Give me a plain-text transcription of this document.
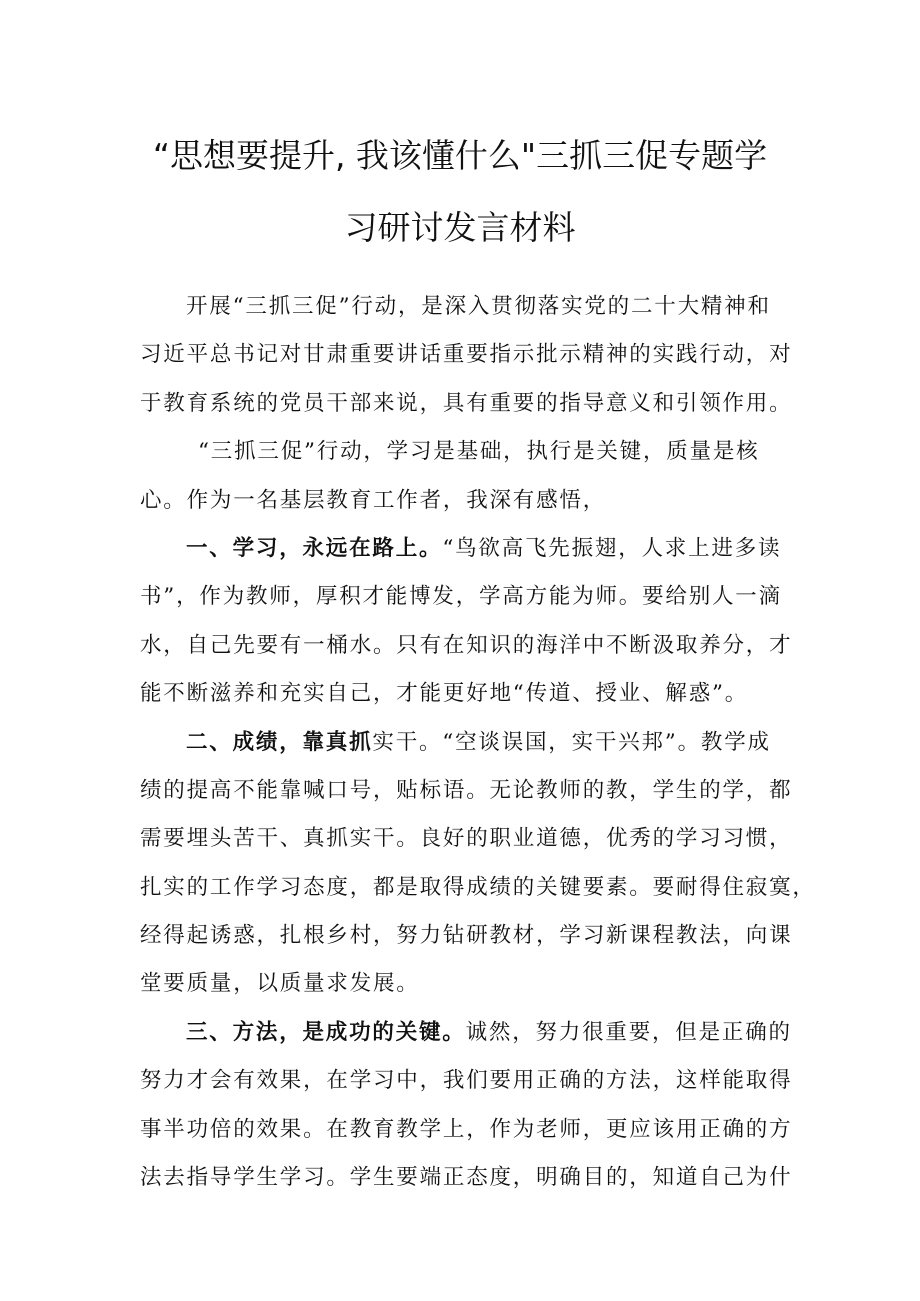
“思想要提升, 我该懂什么"三抓三促专题学
习研讨发言材料
开展“三抓三促”行动，是深入贯彻落实党的二十大精神和
习近平总书记对甘肃重要讲话重要指示批示精神的实践行动，对
于教育系统的党员干部来说，具有重要的指导意义和引领作用。
“三抓三促”行动，学习是基础，执行是关键，质量是核
心。作为一名基层教育工作者，我深有感悟，
一、学习，永远在路上。“鸟欲高飞先振翅，人求上进多读
书”，作为教师，厚积才能博发，学高方能为师。要给别人一滴
水，自己先要有一桶水。只有在知识的海洋中不断汲取养分，才
能不断滋养和充实自己，才能更好地“传道、授业、解惑”。
二、成绩，靠真抓实干。“空谈误国，实干兴邦”。教学成
绩的提高不能靠喊口号，贴标语。无论教师的教，学生的学，都
需要埋头苦干、真抓实干。良好的职业道德，优秀的学习习惯，
扎实的工作学习态度，都是取得成绩的关键要素。要耐得住寂寞，
经得起诱惑，扎根乡村，努力钻研教材，学习新课程教法，向课
堂要质量，以质量求发展。
三、方法，是成功的关键。诚然，努力很重要，但是正确的
努力才会有效果，在学习中，我们要用正确的方法，这样能取得
事半功倍的效果。在教育教学上，作为老师，更应该用正确的方
法去指导学生学习。学生要端正态度，明确目的，知道自己为什
